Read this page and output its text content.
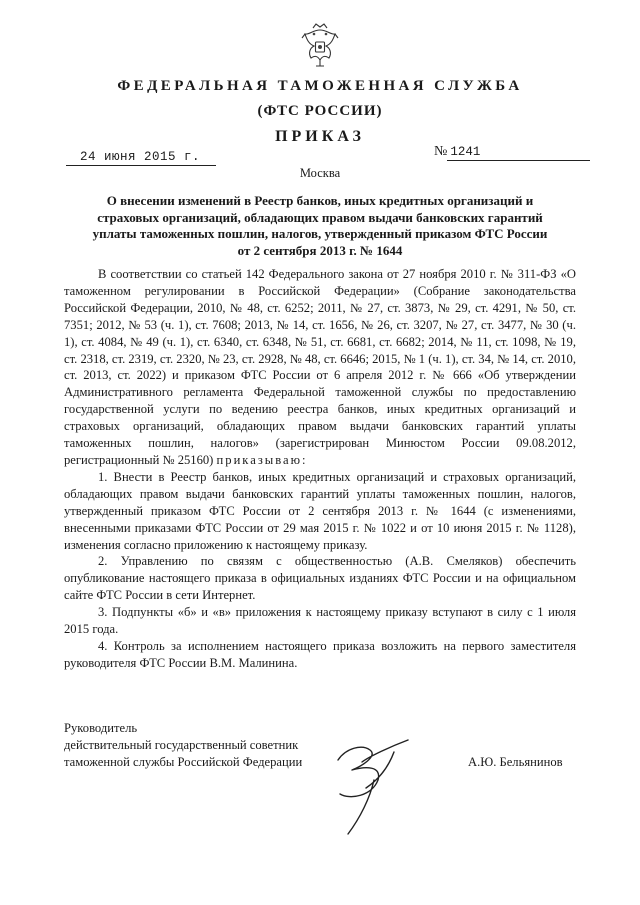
ФЕДЕРАЛЬНАЯ ТАМОЖЕННАЯ СЛУЖБА
(ФТС РОССИИ)
ПРИКАЗ
24 июня 2015 г.	№ 1241
Москва
О внесении изменений в Реестр банков, иных кредитных организаций и
страховых организаций, обладающих правом выдачи банковских гарантий
уплаты таможенных пошлин, налогов, утвержденный приказом ФТС России
от 2 сентября 2013 г. № 1644

В соответствии со статьей 142 Федерального закона от 27 ноября 2010 г. № 311-ФЗ «О таможенном регулировании в Российской Федерации» (Собрание законодательства Российской Федерации, 2010, № 48, ст. 6252; 2011, № 27, ст. 3873, № 29, ст. 4291, № 50, ст. 7351; 2012, № 53 (ч. 1), ст. 7608; 2013, № 14, ст. 1656, № 26, ст. 3207, № 27, ст. 3477, № 30 (ч. 1), ст. 4084, № 49 (ч. 1), ст. 6340, ст. 6348, № 51, ст. 6681, ст. 6682; 2014, № 11, ст. 1098, № 19, ст. 2318, ст. 2319, ст. 2320, № 23, ст. 2928, № 48, ст. 6646; 2015, № 1 (ч. 1), ст. 34, № 14, ст. 2010, ст. 2013, ст. 2022) и приказом ФТС России от 6 апреля 2012 г. № 666 «Об утверждении Административного регламента Федеральной таможенной службы по предоставлению государственной услуги по ведению реестра банков, иных кредитных организаций и страховых организаций, обладающих правом выдачи банковских гарантий уплаты таможенных пошлин, налогов» (зарегистрирован Минюстом России 09.08.2012, регистрационный № 25160) приказываю:

1. Внести в Реестр банков, иных кредитных организаций и страховых организаций, обладающих правом выдачи банковских гарантий уплаты таможенных пошлин, налогов, утвержденный приказом ФТС России от 2 сентября 2013 г. № 1644 (с изменениями, внесенными приказами ФТС России от 29 мая 2015 г. № 1022 и от 10 июня 2015 г. № 1128), изменения согласно приложению к настоящему приказу.

2. Управлению по связям с общественностью (А.В. Смеляков) обеспечить опубликование настоящего приказа в официальных изданиях ФТС России и на официальном сайте ФТС России в сети Интернет.

3. Подпункты «б» и «в» приложения к настоящему приказу вступают в силу с 1 июля 2015 года.

4. Контроль за исполнением настоящего приказа возложить на первого заместителя руководителя ФТС России В.М. Малинина.

Руководитель
действительный государственный советник
таможенной службы Российской Федерации	А.Ю. Бельянинов
